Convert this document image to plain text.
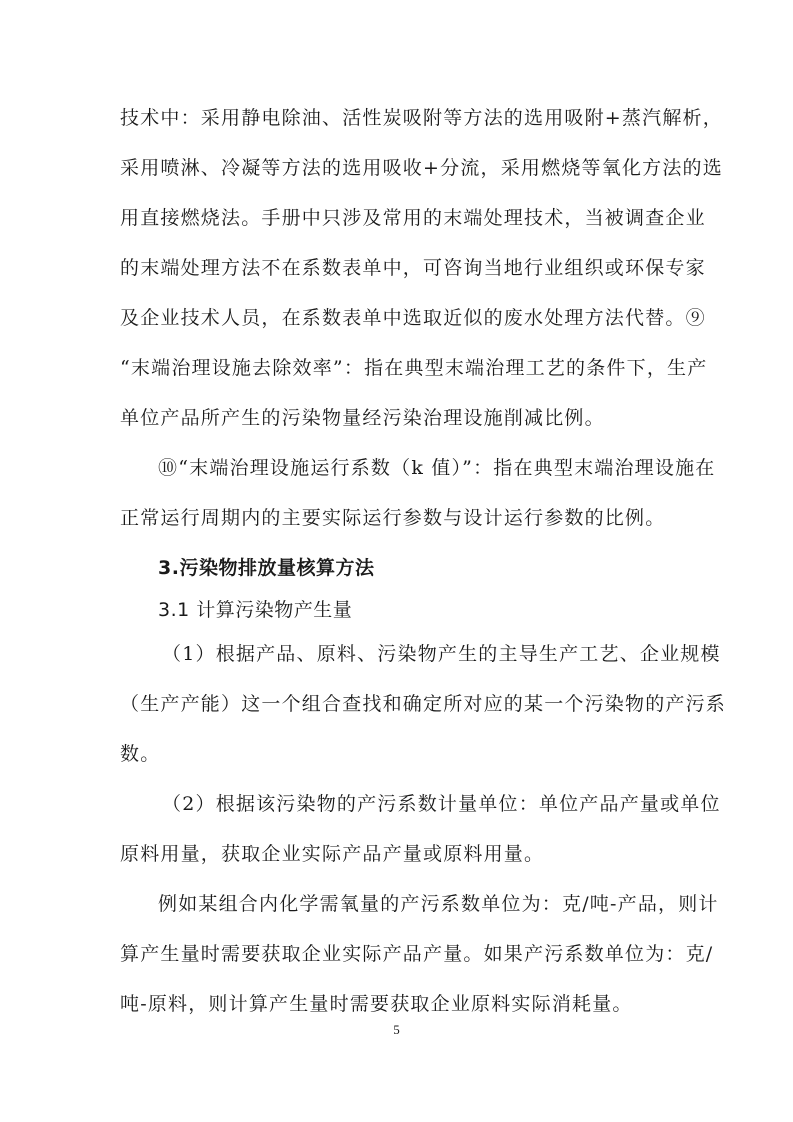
技术中：采用静电除油、活性炭吸附等方法的选用吸附+蒸汽解析，
采用喷淋、冷凝等方法的选用吸收+分流，采用燃烧等氧化方法的选
用直接燃烧法。手册中只涉及常用的末端处理技术，当被调查企业
的末端处理方法不在系数表单中，可咨询当地行业组织或环保专家
及企业技术人员，在系数表单中选取近似的废水处理方法代替。⑨
“末端治理设施去除效率”：指在典型末端治理工艺的条件下，生产
单位产品所产生的污染物量经污染治理设施削减比例。
⑩“末端治理设施运行系数（k 值）”：指在典型末端治理设施在
正常运行周期内的主要实际运行参数与设计运行参数的比例。
3.污染物排放量核算方法
3.1 计算污染物产生量
（1）根据产品、原料、污染物产生的主导生产工艺、企业规模
（生产产能）这一个组合查找和确定所对应的某一个污染物的产污系
数。
（2）根据该污染物的产污系数计量单位：单位产品产量或单位
原料用量，获取企业实际产品产量或原料用量。
例如某组合内化学需氧量的产污系数单位为：克/吨-产品，则计
算产生量时需要获取企业实际产品产量。如果产污系数单位为：克/
吨-原料，则计算产生量时需要获取企业原料实际消耗量。
5
